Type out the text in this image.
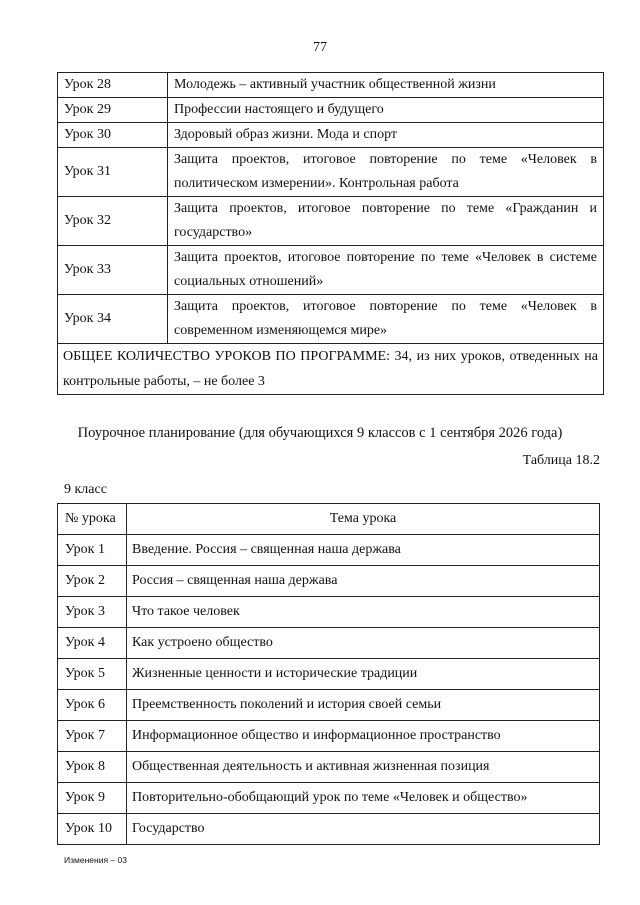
77
Урок 28	Молодежь – активный участник общественной жизни
Урок 29	Профессии настоящего и будущего
Урок 30	Здоровый образ жизни. Мода и спорт
Урок 31	Защита проектов, итоговое повторение по теме «Человек в политическом измерении». Контрольная работа
Урок 32	Защита проектов, итоговое повторение по теме «Гражданин и государство»
Урок 33	Защита проектов, итоговое повторение по теме «Человек в системе социальных отношений»
Урок 34	Защита проектов, итоговое повторение по теме «Человек в современном изменяющемся мире»
ОБЩЕЕ КОЛИЧЕСТВО УРОКОВ ПО ПРОГРАММЕ: 34, из них уроков, отведенных на контрольные работы, – не более 3	
Поурочное планирование (для обучающихся 9 классов с 1 сентября 2026 года)
Таблица 18.2
9 класс
№ урока	Тема урока
Урок 1	Введение. Россия – священная наша держава
Урок 2	Россия – священная наша держава
Урок 3	Что такое человек
Урок 4	Как устроено общество
Урок 5	Жизненные ценности и исторические традиции
Урок 6	Преемственность поколений и история своей семьи
Урок 7	Информационное общество и информационное пространство
Урок 8	Общественная деятельность и активная жизненная позиция
Урок 9	Повторительно-обобщающий урок по теме «Человек и общество»
Урок 10	Государство
Изменения – 03
